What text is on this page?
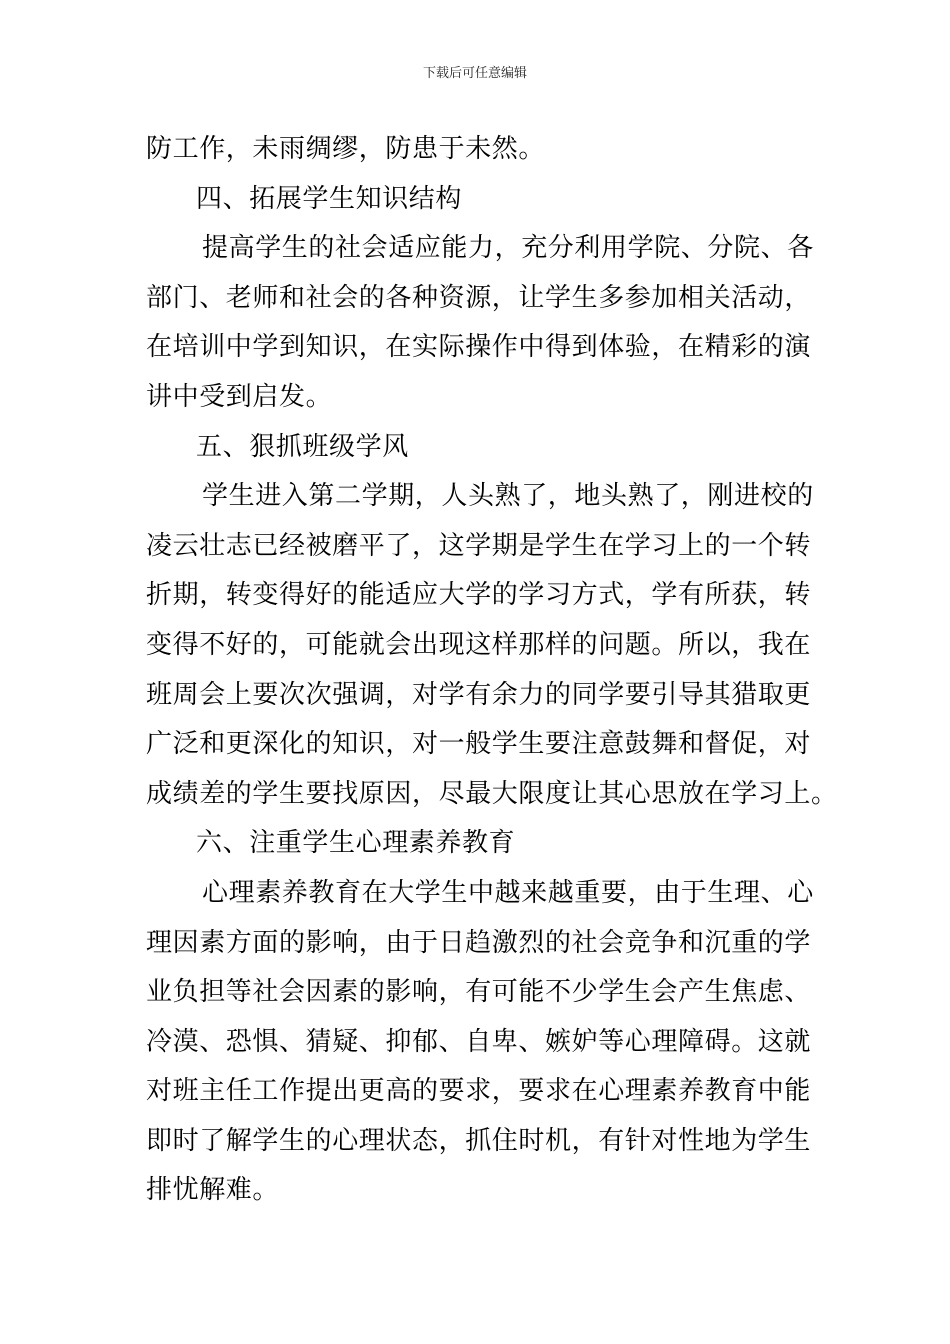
下载后可任意编辑
防工作，未雨绸缪，防患于未然。
四、拓展学生知识结构
提高学生的社会适应能力，充分利用学院、分院、各
部门、老师和社会的各种资源，让学生多参加相关活动，
在培训中学到知识，在实际操作中得到体验，在精彩的演
讲中受到启发。
五、狠抓班级学风
学生进入第二学期，人头熟了，地头熟了，刚进校的
凌云壮志已经被磨平了，这学期是学生在学习上的一个转
折期，转变得好的能适应大学的学习方式，学有所获，转
变得不好的，可能就会出现这样那样的问题。所以，我在
班周会上要次次强调，对学有余力的同学要引导其猎取更
广泛和更深化的知识，对一般学生要注意鼓舞和督促，对
成绩差的学生要找原因，尽最大限度让其心思放在学习上。
六、注重学生心理素养教育
心理素养教育在大学生中越来越重要，由于生理、心
理因素方面的影响，由于日趋激烈的社会竞争和沉重的学
业负担等社会因素的影响，有可能不少学生会产生焦虑、
冷漠、恐惧、猜疑、抑郁、自卑、嫉妒等心理障碍。这就
对班主任工作提出更高的要求，要求在心理素养教育中能
即时了解学生的心理状态，抓住时机，有针对性地为学生
排忧解难。
